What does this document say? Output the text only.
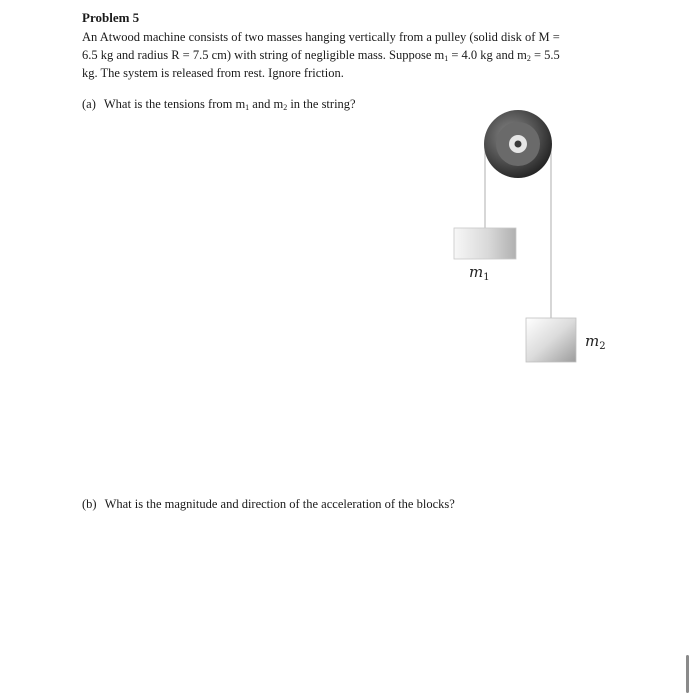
Problem 5

An Atwood machine consists of two masses hanging vertically from a pulley (solid disk of M =

6.5 kg and radius R = 7.5 cm) with string of negligible mass. Suppose $m_1 = 4.0$ kg and $m_2 = 5.5$

kg. The system is released from rest. Ignore friction.

(a) What is the tensions from $m_1$ and $m_2$ in the string?
$m_1$
$m_2$
(b) What is the magnitude and direction of the acceleration of the blocks?
